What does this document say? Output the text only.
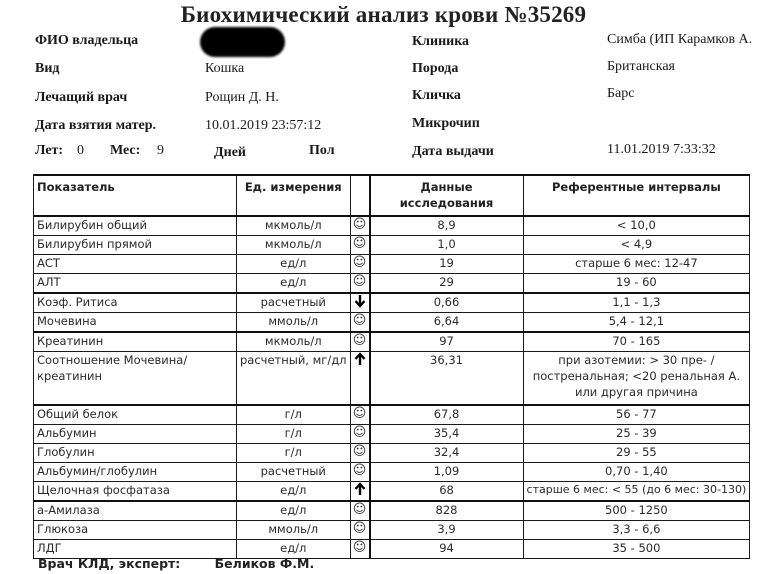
Биохимический анализ крови №35269
ФИО владельца
Вид	Кошка
Лечащий врач	Рощин Д. Н.
Дата взятия матер.	10.01.2019 23:57:12
Лет: 0 Мес: 9	Дней	Пол
Клиника	Симба (ИП Карамков А.
Порода	Британская
Кличка	Барс
Микрочип
Дата выдачи	11.01.2019 7:33:32
Показатель	Ед. измерения		Данные исследования	Референтные интервалы
Билирубин общий	мкмоль/л	☺	8,9	< 10,0
Билирубин прямой	мкмоль/л	☺	1,0	< 4,9
АСТ	ед/л	☺	19	старше 6 мес: 12-47
АЛТ	ед/л	☺	29	19 - 60
Коэф. Ритиса	расчетный		0,66	1,1 - 1,3
Мочевина	ммоль/л	☺	6,64	5,4 - 12,1
Креатинин	мкмоль/л	☺	97	70 - 165
Соотношение Мочевина/креатинин	расчетный, мг/дл		36,31	при азотемии: > 30 пре- /постренальная; <20 ренальная А. или другая причина
Общий белок	г/л	☺	67,8	56 - 77
Альбумин	г/л	☺	35,4	25 - 39
Глобулин	г/л	☺	32,4	29 - 55
Альбумин/глобулин	расчетный	☺	1,09	0,70 - 1,40
Щелочная фосфатаза	ед/л		68	старше 6 мес: < 55 (до 6 мес: 30-130)
а-Амилаза	ед/л	☺	828	500 - 1250
Глюкоза	ммоль/л	☺	3,9	3,3 - 6,6
ЛДГ	ед/л	☺	94	35 - 500
Врач КЛД, эксперт:	Беликов Ф.М.
